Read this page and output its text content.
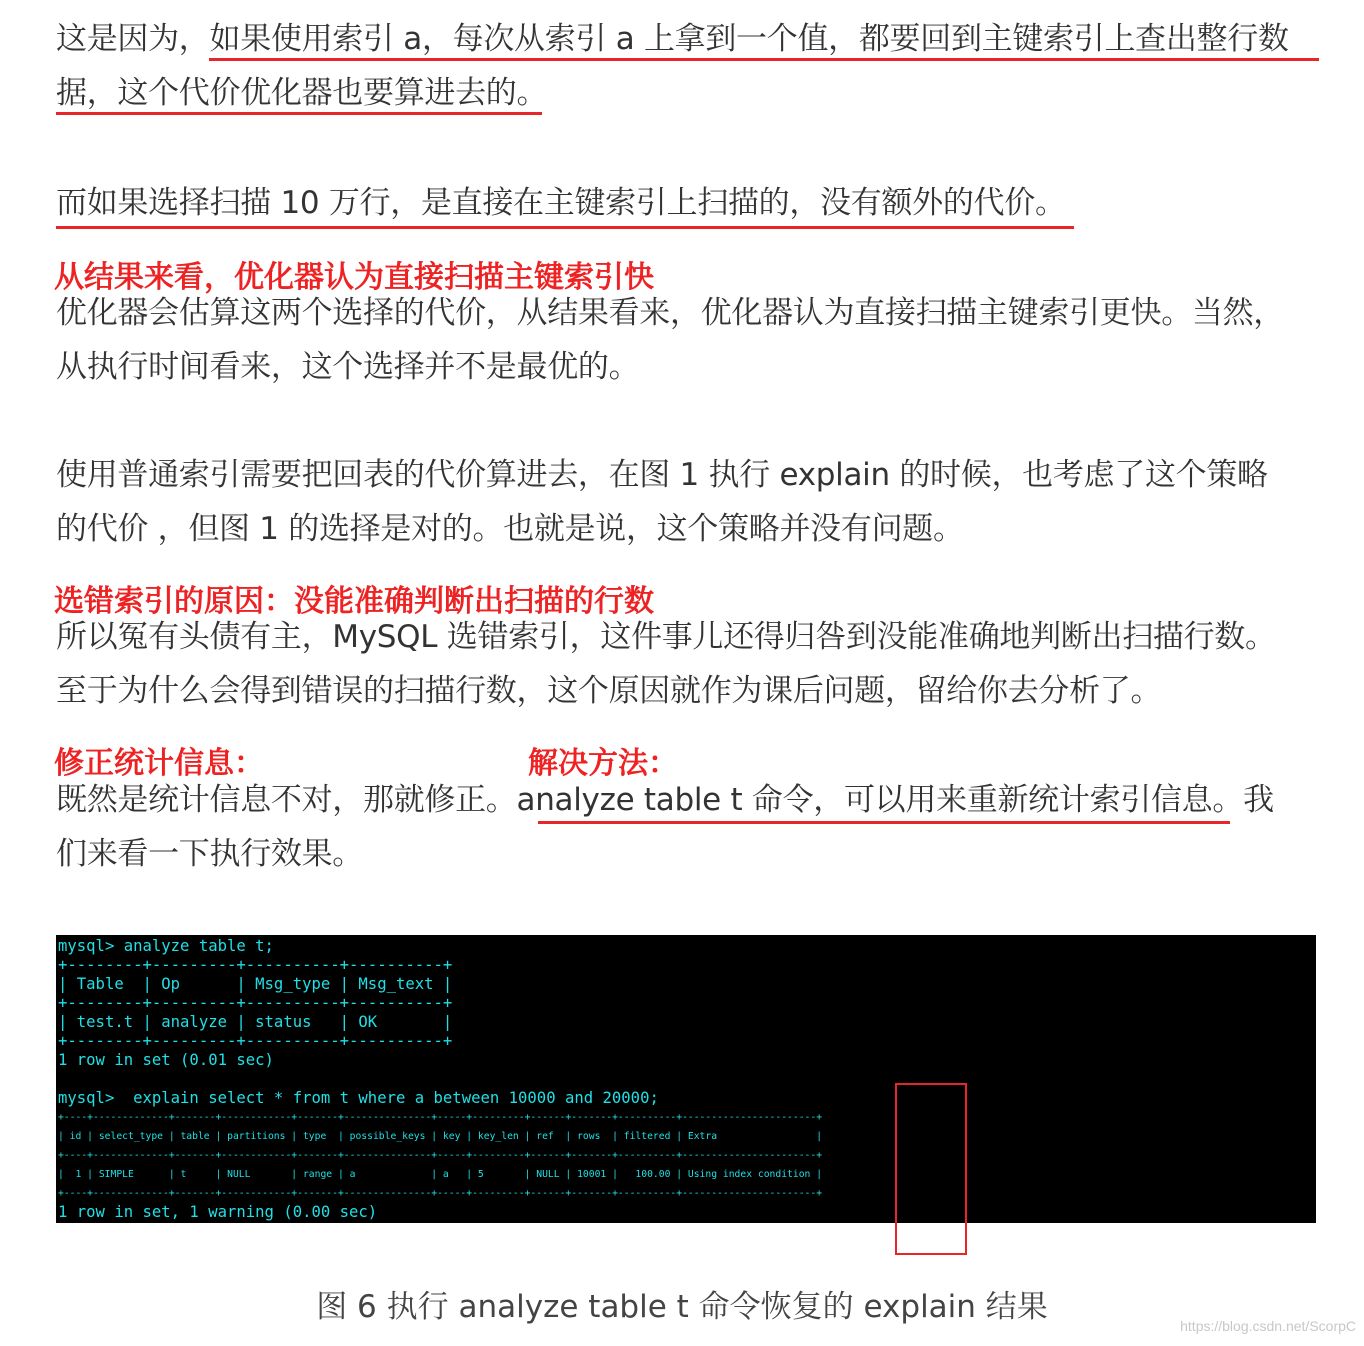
这是因为，如果使用索引 a，每次从索引 a 上拿到一个值，都要回到主键索引上查出整行数
据，这个代价优化器也要算进去的。
而如果选择扫描 10 万行，是直接在主键索引上扫描的，没有额外的代价。
从结果来看，优化器认为直接扫描主键索引快
优化器会估算这两个选择的代价，从结果看来，优化器认为直接扫描主键索引更快。当然，
从执行时间看来，这个选择并不是最优的。
使用普通索引需要把回表的代价算进去，在图 1 执行 explain 的时候，也考虑了这个策略
的代价 ，但图 1 的选择是对的。也就是说，这个策略并没有问题。
选错索引的原因：没能准确判断出扫描的行数
所以冤有头债有主，MySQL 选错索引，这件事儿还得归咎到没能准确地判断出扫描行数。
至于为什么会得到错误的扫描行数，这个原因就作为课后问题，留给你去分析了。
修正统计信息：	解决方法：
既然是统计信息不对，那就修正。analyze table t 命令，可以用来重新统计索引信息。我
们来看一下执行效果。
mysql> analyze table t;
+--------+---------+----------+----------+
| Table  | Op      | Msg_type | Msg_text |
+--------+---------+----------+----------+
| test.t | analyze | status   | OK       |
+--------+---------+----------+----------+
1 row in set (0.01 sec)
mysql>  explain select * from t where a between 10000 and 20000;
+----+-------------+-------+------------+-------+---------------+-----+---------+------+-------+----------+-----------------------+
| id | select_type | table | partitions | type  | possible_keys | key | key_len | ref  | rows  | filtered | Extra                 |
+----+-------------+-------+------------+-------+---------------+-----+---------+------+-------+----------+-----------------------+
|  1 | SIMPLE      | t     | NULL       | range | a             | a   | 5       | NULL | 10001 |   100.00 | Using index condition |
+----+-------------+-------+------------+-------+---------------+-----+---------+------+-------+----------+-----------------------+
1 row in set, 1 warning (0.00 sec)
图 6 执行 analyze table t 命令恢复的 explain 结果
https://blog.csdn.net/ScorpC
